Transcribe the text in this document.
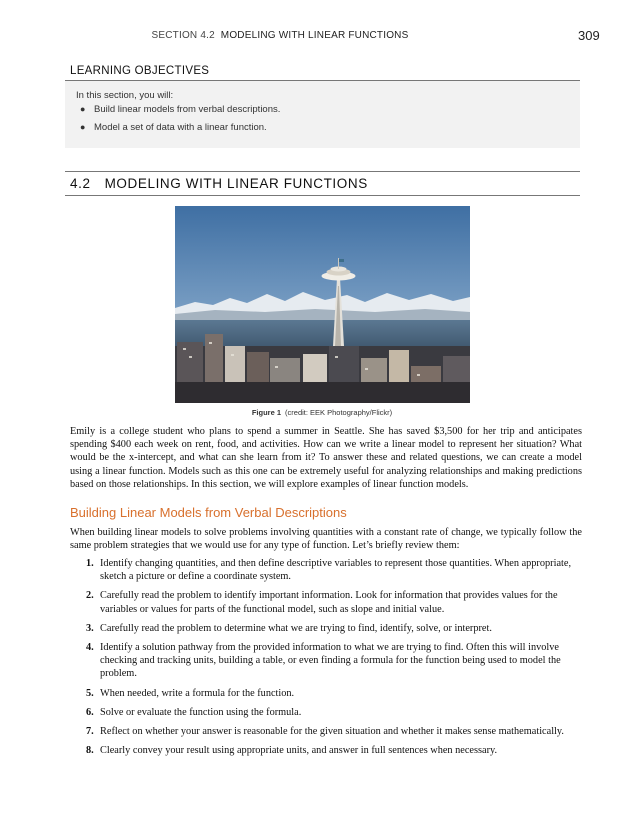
SECTION 4.2 MODELING WITH LINEAR FUNCTIONS	309
LEARNING OBJECTIVES
In this section, you will:
● Build linear models from verbal descriptions.
● Model a set of data with a linear function.
4.2 MODELING WITH LINEAR FUNCTIONS
Figure 1 (credit: EEK Photography/Flickr)

Emily is a college student who plans to spend a summer in Seattle. She has saved $3,500 for her trip and anticipates spending $400 each week on rent, food, and activities. How can we write a linear model to represent her situation? What would be the x-intercept, and what can she learn from it? To answer these and related questions, we can create a model using a linear function. Models such as this one can be extremely useful for analyzing relationships and making predictions based on those relationships. In this section, we will explore examples of linear function models.

Building Linear Models from Verbal Descriptions

When building linear models to solve problems involving quantities with a constant rate of change, we typically follow the same problem strategies that we would use for any type of function. Let’s briefly review them:

1. Identify changing quantities, and then define descriptive variables to represent those quantities. When appropriate, sketch a picture or define a coordinate system.
2. Carefully read the problem to identify important information. Look for information that provides values for the variables or values for parts of the functional model, such as slope and initial value.
3. Carefully read the problem to determine what we are trying to find, identify, solve, or interpret.
4. Identify a solution pathway from the provided information to what we are trying to find. Often this will involve checking and tracking units, building a table, or even finding a formula for the function being used to model the problem.
5. When needed, write a formula for the function.
6. Solve or evaluate the function using the formula.
7. Reflect on whether your answer is reasonable for the given situation and whether it makes sense mathematically.
8. Clearly convey your result using appropriate units, and answer in full sentences when necessary.
